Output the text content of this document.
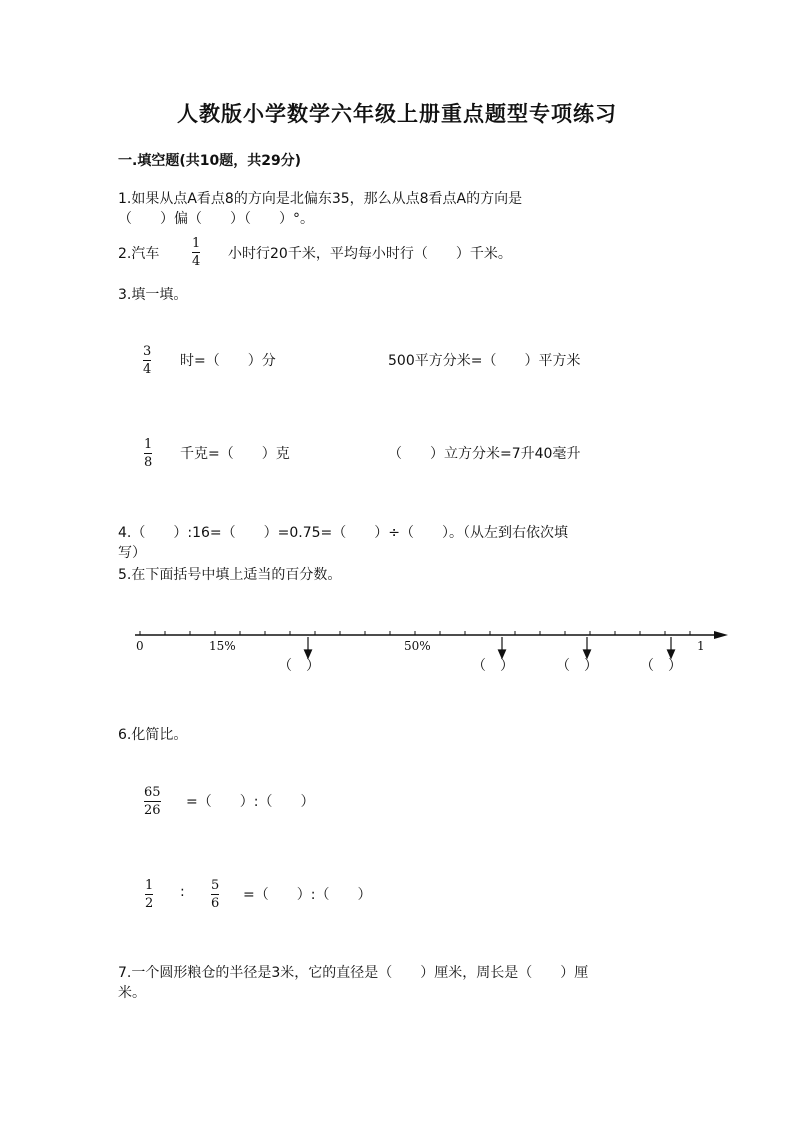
人教版小学数学六年级上册重点题型专项练习
一.填空题(共10题，共29分)
1.如果从点A看点8的方向是北偏东35，那么从点8看点A的方向是
（　　）偏（　　）（　　）°。
2.汽车
1
4 小时行20千米，平均每小时行（　　）千米。
3.填一填。
3
4
时=（　　）分	500平方分米=（　　）平方米
1
8
千克=（　　）克	（　　）立方分米=7升40毫升
4.（　　）:16=（　　）=0.75=（　　）÷（　　）。（从左到右依次填
写）
5.在下面括号中填上适当的百分数。
0	15%	50%	1
（　）	（　）	（　）	（　）
6.化简比。
65
26
=（　　）:（　　）
1
2
: 5
6
=（　　）:（　　）
7.一个圆形粮仓的半径是3米，它的直径是（　　）厘米，周长是（　　）厘
米。
